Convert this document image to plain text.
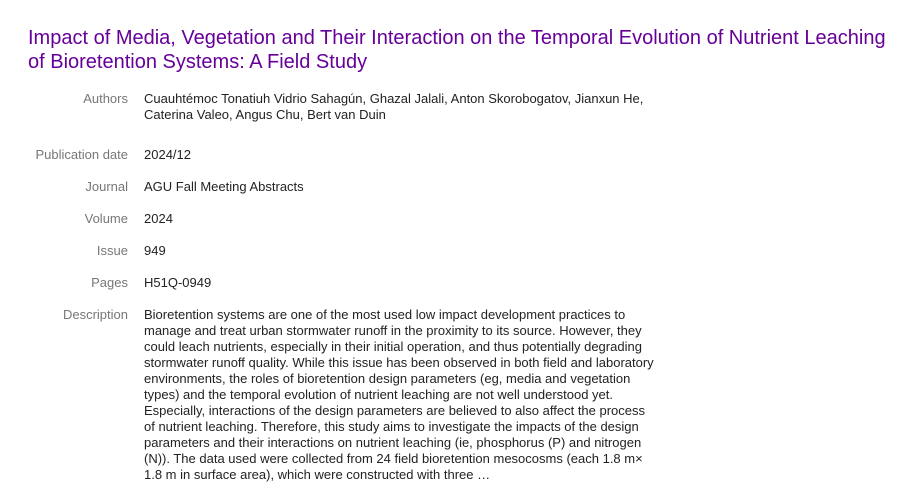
Impact of Media, Vegetation and Their Interaction on the Temporal Evolution of Nutrient Leaching of Bioretention Systems: A Field Study
Authors Cuauhtémoc Tonatiuh Vidrio Sahagún, Ghazal Jalali, Anton Skorobogatov, Jianxun He, Caterina Valeo, Angus Chu, Bert van Duin
Publication date 2024/12
Journal AGU Fall Meeting Abstracts
Volume 2024
Issue 949
Pages H51Q-0949
Description Bioretention systems are one of the most used low impact development practices to manage and treat urban stormwater runoff in the proximity to its source. However, they could leach nutrients, especially in their initial operation, and thus potentially degrading stormwater runoff quality. While this issue has been observed in both field and laboratory environments, the roles of bioretention design parameters (eg, media and vegetation types) and the temporal evolution of nutrient leaching are not well understood yet. Especially, interactions of the design parameters are believed to also affect the process of nutrient leaching. Therefore, this study aims to investigate the impacts of the design parameters and their interactions on nutrient leaching (ie, phosphorus (P) and nitrogen (N)). The data used were collected from 24 field bioretention mesocosms (each 1.8 m× 1.8 m in surface area), which were constructed with three …
